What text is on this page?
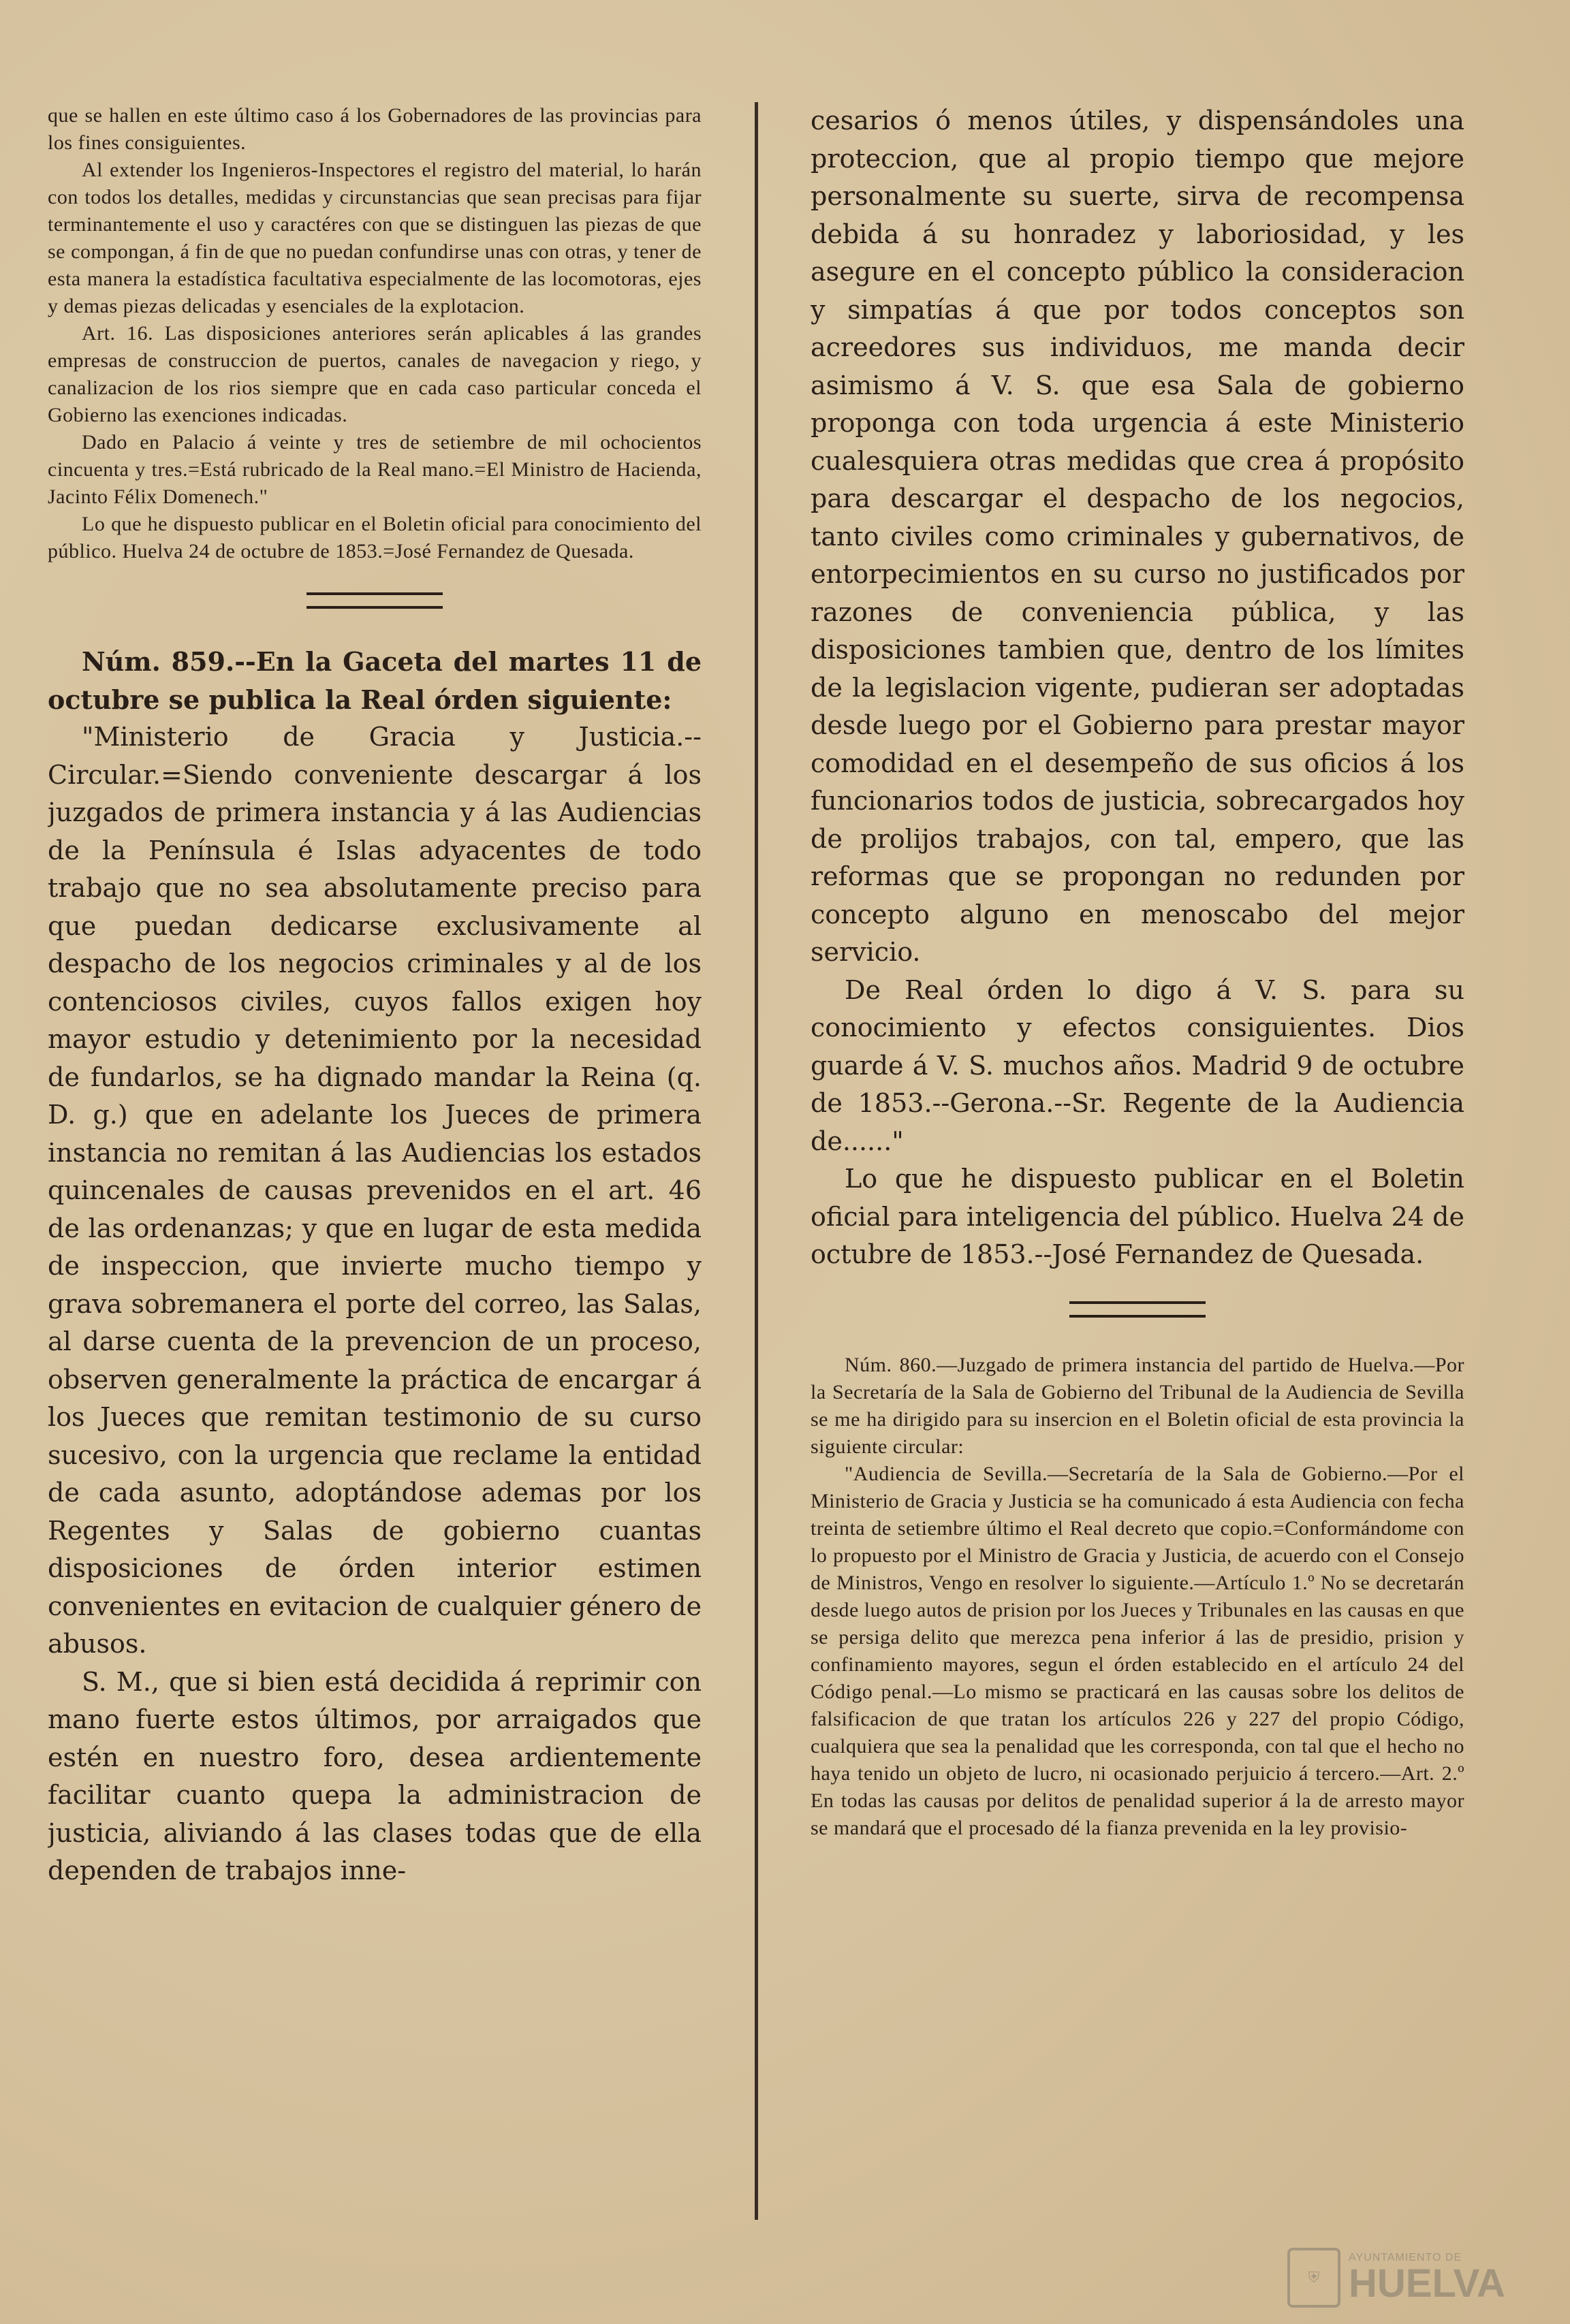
que se hallen en este último caso á los Gobernadores de las provincias para los fines consiguientes.

Al extender los Ingenieros-Inspectores el registro del material, lo harán con todos los detalles, medidas y circunstancias que sean precisas para fijar terminantemente el uso y caractéres con que se distinguen las piezas de que se compongan, á fin de que no puedan confundirse unas con otras, y tener de esta manera la estadística facultativa especialmente de las locomotoras, ejes y demas piezas delicadas y esenciales de la explotacion.

Art. 16. Las disposiciones anteriores serán aplicables á las grandes empresas de construccion de puertos, canales de navegacion y riego, y canalizacion de los rios siempre que en cada caso particular conceda el Gobierno las exenciones indicadas.

Dado en Palacio á veinte y tres de setiembre de mil ochocientos cincuenta y tres.=Está rubricado de la Real mano.=El Ministro de Hacienda, Jacinto Félix Domenech."

Lo que he dispuesto publicar en el Boletin oficial para conocimiento del público. Huelva 24 de octubre de 1853.=José Fernandez de Quesada.

Núm. 859.--En la Gaceta del martes 11 de octubre se publica la Real órden siguiente:

"Ministerio de Gracia y Justicia.--Circular.=Siendo conveniente descargar á los juzgados de primera instancia y á las Audiencias de la Península é Islas adyacentes de todo trabajo que no sea absolutamente preciso para que puedan dedicarse exclusivamente al despacho de los negocios criminales y al de los contenciosos civiles, cuyos fallos exigen hoy mayor estudio y detenimiento por la necesidad de fundarlos, se ha dignado mandar la Reina (q. D. g.) que en adelante los Jueces de primera instancia no remitan á las Audiencias los estados quincenales de causas prevenidos en el art. 46 de las ordenanzas; y que en lugar de esta medida de inspeccion, que invierte mucho tiempo y grava sobremanera el porte del correo, las Salas, al darse cuenta de la prevencion de un proceso, observen generalmente la práctica de encargar á los Jueces que remitan testimonio de su curso sucesivo, con la urgencia que reclame la entidad de cada asunto, adoptándose ademas por los Regentes y Salas de gobierno cuantas disposiciones de órden interior estimen convenientes en evitacion de cualquier género de abusos.

S. M., que si bien está decidida á reprimir con mano fuerte estos últimos, por arraigados que estén en nuestro foro, desea ardientemente facilitar cuanto quepa la administracion de justicia, aliviando á las clases todas que de ella dependen de trabajos inne-

cesarios ó menos útiles, y dispensándoles una proteccion, que al propio tiempo que mejore personalmente su suerte, sirva de recompensa debida á su honradez y laboriosidad, y les asegure en el concepto público la consideracion y simpatías á que por todos conceptos son acreedores sus individuos, me manda decir asimismo á V. S. que esa Sala de gobierno proponga con toda urgencia á este Ministerio cualesquiera otras medidas que crea á propósito para descargar el despacho de los negocios, tanto civiles como criminales y gubernativos, de entorpecimientos en su curso no justificados por razones de conveniencia pública, y las disposiciones tambien que, dentro de los límites de la legislacion vigente, pudieran ser adoptadas desde luego por el Gobierno para prestar mayor comodidad en el desempeño de sus oficios á los funcionarios todos de justicia, sobrecargados hoy de prolijos trabajos, con tal, empero, que las reformas que se propongan no redunden por concepto alguno en menoscabo del mejor servicio.

De Real órden lo digo á V. S. para su conocimiento y efectos consiguientes. Dios guarde á V. S. muchos años. Madrid 9 de octubre de 1853.--Gerona.--Sr. Regente de la Audiencia de......"

Lo que he dispuesto publicar en el Boletin oficial para inteligencia del público. Huelva 24 de octubre de 1853.--José Fernandez de Quesada.

Núm. 860.—Juzgado de primera instancia del partido de Huelva.—Por la Secretaría de la Sala de Gobierno del Tribunal de la Audiencia de Sevilla se me ha dirigido para su insercion en el Boletin oficial de esta provincia la siguiente circular:

"Audiencia de Sevilla.—Secretaría de la Sala de Gobierno.—Por el Ministerio de Gracia y Justicia se ha comunicado á esta Audiencia con fecha treinta de setiembre último el Real decreto que copio.=Conformándome con lo propuesto por el Ministro de Gracia y Justicia, de acuerdo con el Consejo de Ministros, Vengo en resolver lo siguiente.—Artículo 1.º No se decretarán desde luego autos de prision por los Jueces y Tribunales en las causas en que se persiga delito que merezca pena inferior á las de presidio, prision y confinamiento mayores, segun el órden establecido en el artículo 24 del Código penal.—Lo mismo se practicará en las causas sobre los delitos de falsificacion de que tratan los artículos 226 y 227 del propio Código, cualquiera que sea la penalidad que les corresponda, con tal que el hecho no haya tenido un objeto de lucro, ni ocasionado perjuicio á tercero.—Art. 2.º En todas las causas por delitos de penalidad superior á la de arresto mayor se mandará que el procesado dé la fianza prevenida en la ley provisio-

⛨
AYUNTAMIENTO DE
HUELVA
